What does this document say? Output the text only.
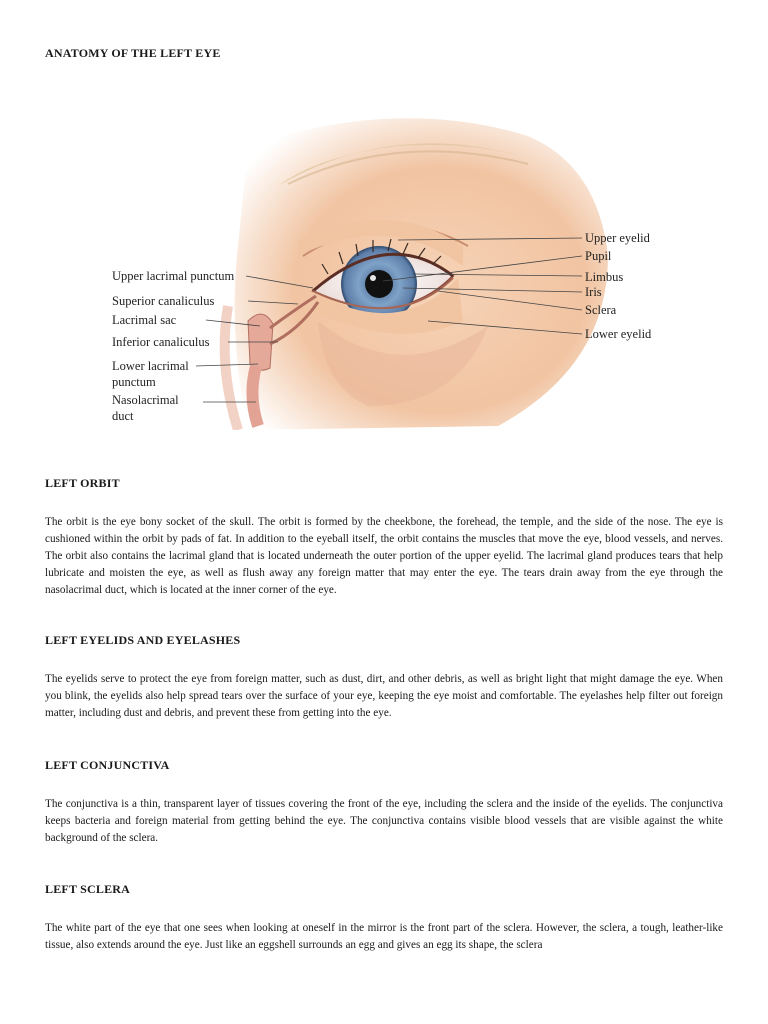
ANATOMY OF THE LEFT EYE
Upper lacrimal punctum
Superior canaliculus
Lacrimal sac
Inferior canaliculus
Lower lacrimal
punctum
Nasolacrimal
duct
Upper eyelid
Pupil
Limbus
Iris
Sclera
Lower eyelid
LEFT ORBIT

The orbit is the eye bony socket of the skull. The orbit is formed by the cheekbone, the forehead, the temple, and the side of the nose. The eye is cushioned within the orbit by pads of fat. In addition to the eyeball itself, the orbit contains the muscles that move the eye, blood vessels, and nerves. The orbit also contains the lacrimal gland that is located underneath the outer portion of the upper eyelid. The lacrimal gland produces tears that help lubricate and moisten the eye, as well as flush away any foreign matter that may enter the eye. The tears drain away from the eye through the nasolacrimal duct, which is located at the inner corner of the eye.

LEFT EYELIDS AND EYELASHES

The eyelids serve to protect the eye from foreign matter, such as dust, dirt, and other debris, as well as bright light that might damage the eye. When you blink, the eyelids also help spread tears over the surface of your eye, keeping the eye moist and comfortable. The eyelashes help filter out foreign matter, including dust and debris, and prevent these from getting into the eye.

LEFT CONJUNCTIVA

The conjunctiva is a thin, transparent layer of tissues covering the front of the eye, including the sclera and the inside of the eyelids. The conjunctiva keeps bacteria and foreign material from getting behind the eye. The conjunctiva contains visible blood vessels that are visible against the white background of the sclera.

LEFT SCLERA

The white part of the eye that one sees when looking at oneself in the mirror is the front part of the sclera. However, the sclera, a tough, leather-like tissue, also extends around the eye. Just like an eggshell surrounds an egg and gives an egg its shape, the sclera
